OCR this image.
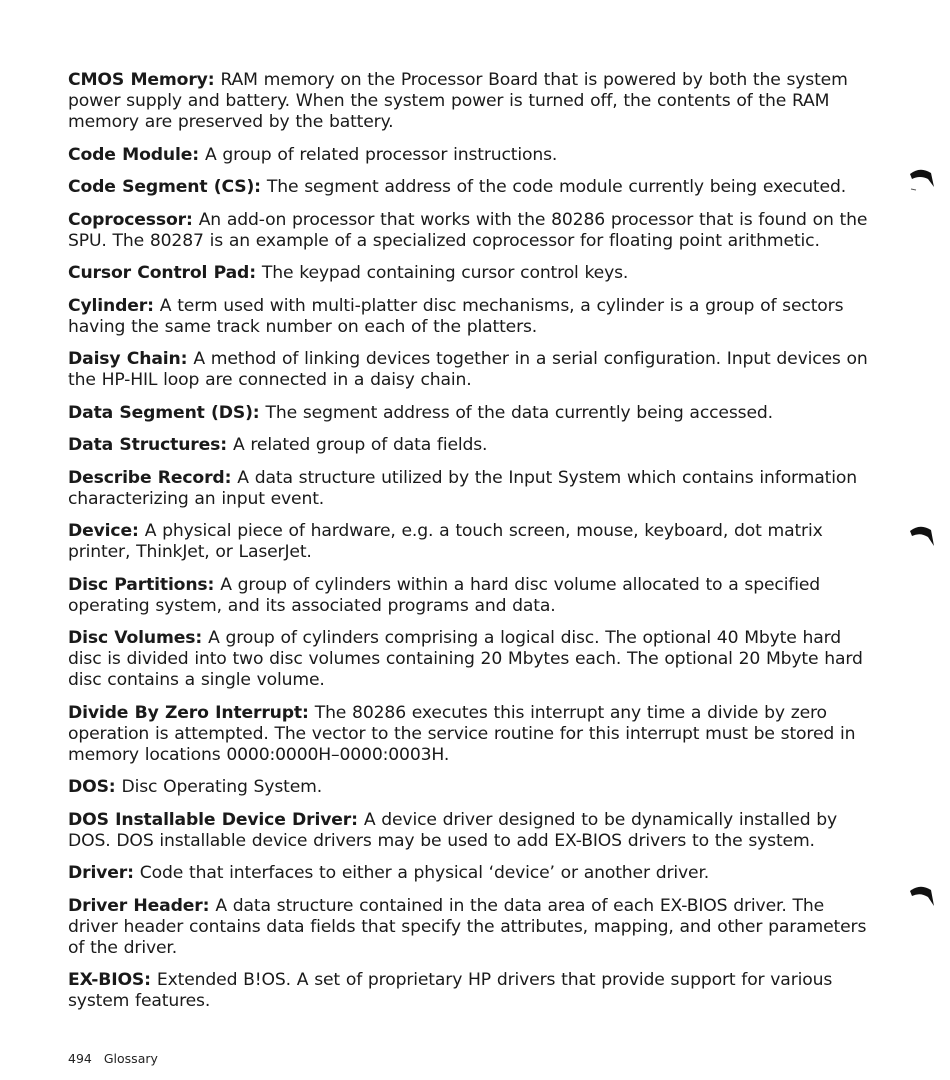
CMOS Memory: RAM memory on the Processor Board that is powered by both the system power supply and battery. When the system power is turned off, the contents of the RAM memory are preserved by the battery.

Code Module: A group of related processor instructions.

Code Segment (CS): The segment address of the code module currently being executed.

Coprocessor: An add-on processor that works with the 80286 processor that is found on the SPU. The 80287 is an example of a specialized coprocessor for floating point arithmetic.

Cursor Control Pad: The keypad containing cursor control keys.

Cylinder: A term used with multi-platter disc mechanisms, a cylinder is a group of sectors having the same track number on each of the platters.

Daisy Chain: A method of linking devices together in a serial configuration. Input devices on the HP-HIL loop are connected in a daisy chain.

Data Segment (DS): The segment address of the data currently being accessed.

Data Structures: A related group of data fields.

Describe Record: A data structure utilized by the Input System which contains information characterizing an input event.

Device: A physical piece of hardware, e.g. a touch screen, mouse, keyboard, dot matrix printer, ThinkJet, or LaserJet.

Disc Partitions: A group of cylinders within a hard disc volume allocated to a specified operating system, and its associated programs and data.

Disc Volumes: A group of cylinders comprising a logical disc. The optional 40 Mbyte hard disc is divided into two disc volumes containing 20 Mbytes each. The optional 20 Mbyte hard disc contains a single volume.

Divide By Zero Interrupt: The 80286 executes this interrupt any time a divide by zero operation is attempted. The vector to the service routine for this interrupt must be stored in memory locations 0000:0000H–0000:0003H.

DOS: Disc Operating System.

DOS Installable Device Driver: A device driver designed to be dynamically installed by DOS. DOS installable device drivers may be used to add EX-BIOS drivers to the system.

Driver: Code that interfaces to either a physical ‘device’ or another driver.

Driver Header: A data structure contained in the data area of each EX-BIOS driver. The driver header contains data fields that specify the attributes, mapping, and other parameters of the driver.

EX-BIOS: Extended B!OS. A set of proprietary HP drivers that provide support for various system features.

494 Glossary
